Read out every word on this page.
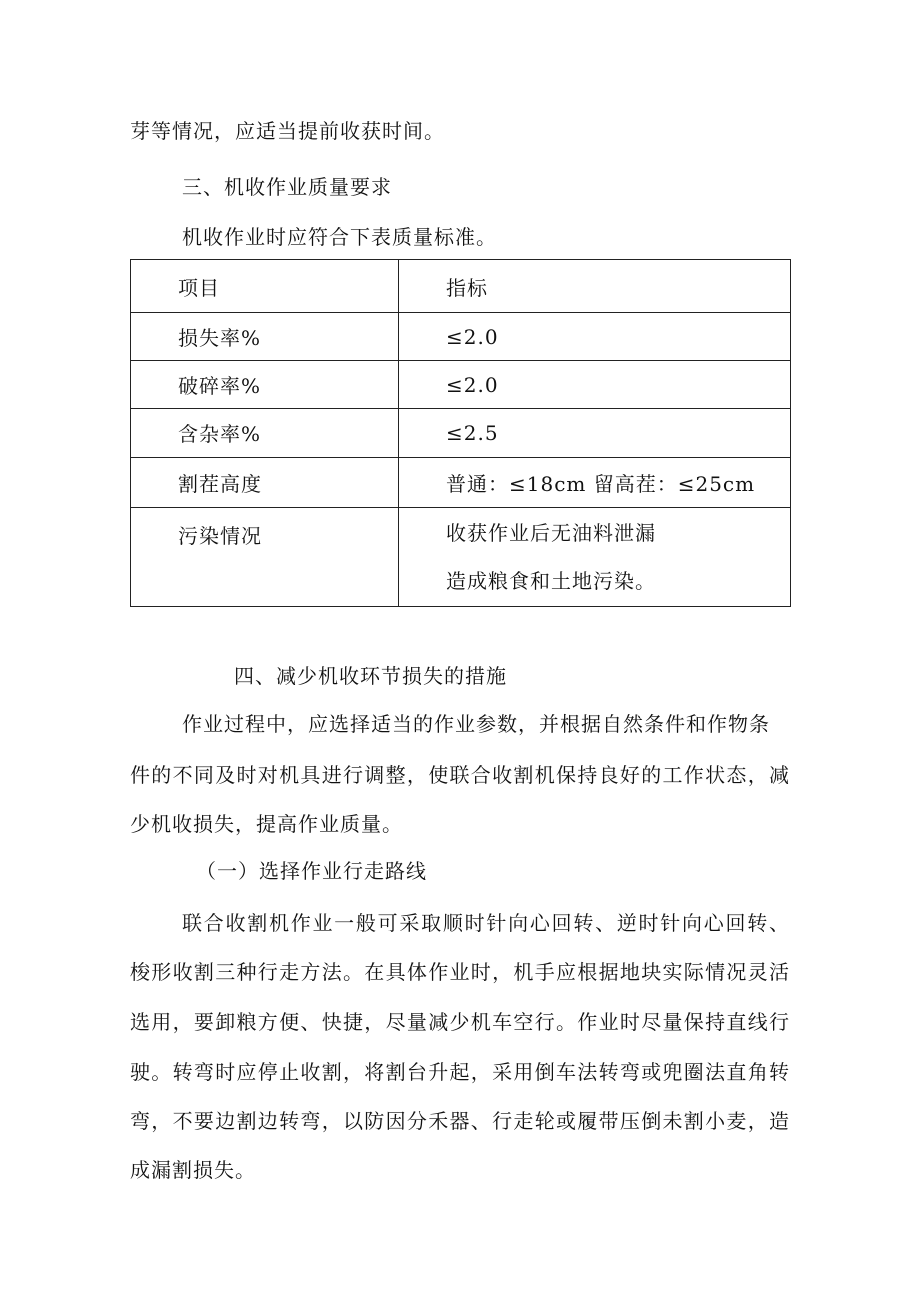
芽等情况，应适当提前收获时间。
三、机收作业质量要求
机收作业时应符合下表质量标准。
项目	指标
损失率%	≤2.0
破碎率%	≤2.0
含杂率%	≤2.5
割茬高度	普通：≤18cm 留高茬：≤25cm
污染情况	收获作业后无油料泄漏
造成粮食和土地污染。
四、减少机收环节损失的措施
作业过程中，应选择适当的作业参数，并根据自然条件和作物条
件的不同及时对机具进行调整，使联合收割机保持良好的工作状态，减
少机收损失，提高作业质量。
（一）选择作业行走路线
联合收割机作业一般可采取顺时针向心回转、逆时针向心回转、
梭形收割三种行走方法。在具体作业时，机手应根据地块实际情况灵活
选用，要卸粮方便、快捷，尽量减少机车空行。作业时尽量保持直线行
驶。转弯时应停止收割，将割台升起，采用倒车法转弯或兜圈法直角转
弯，不要边割边转弯，以防因分禾器、行走轮或履带压倒未割小麦，造
成漏割损失。
